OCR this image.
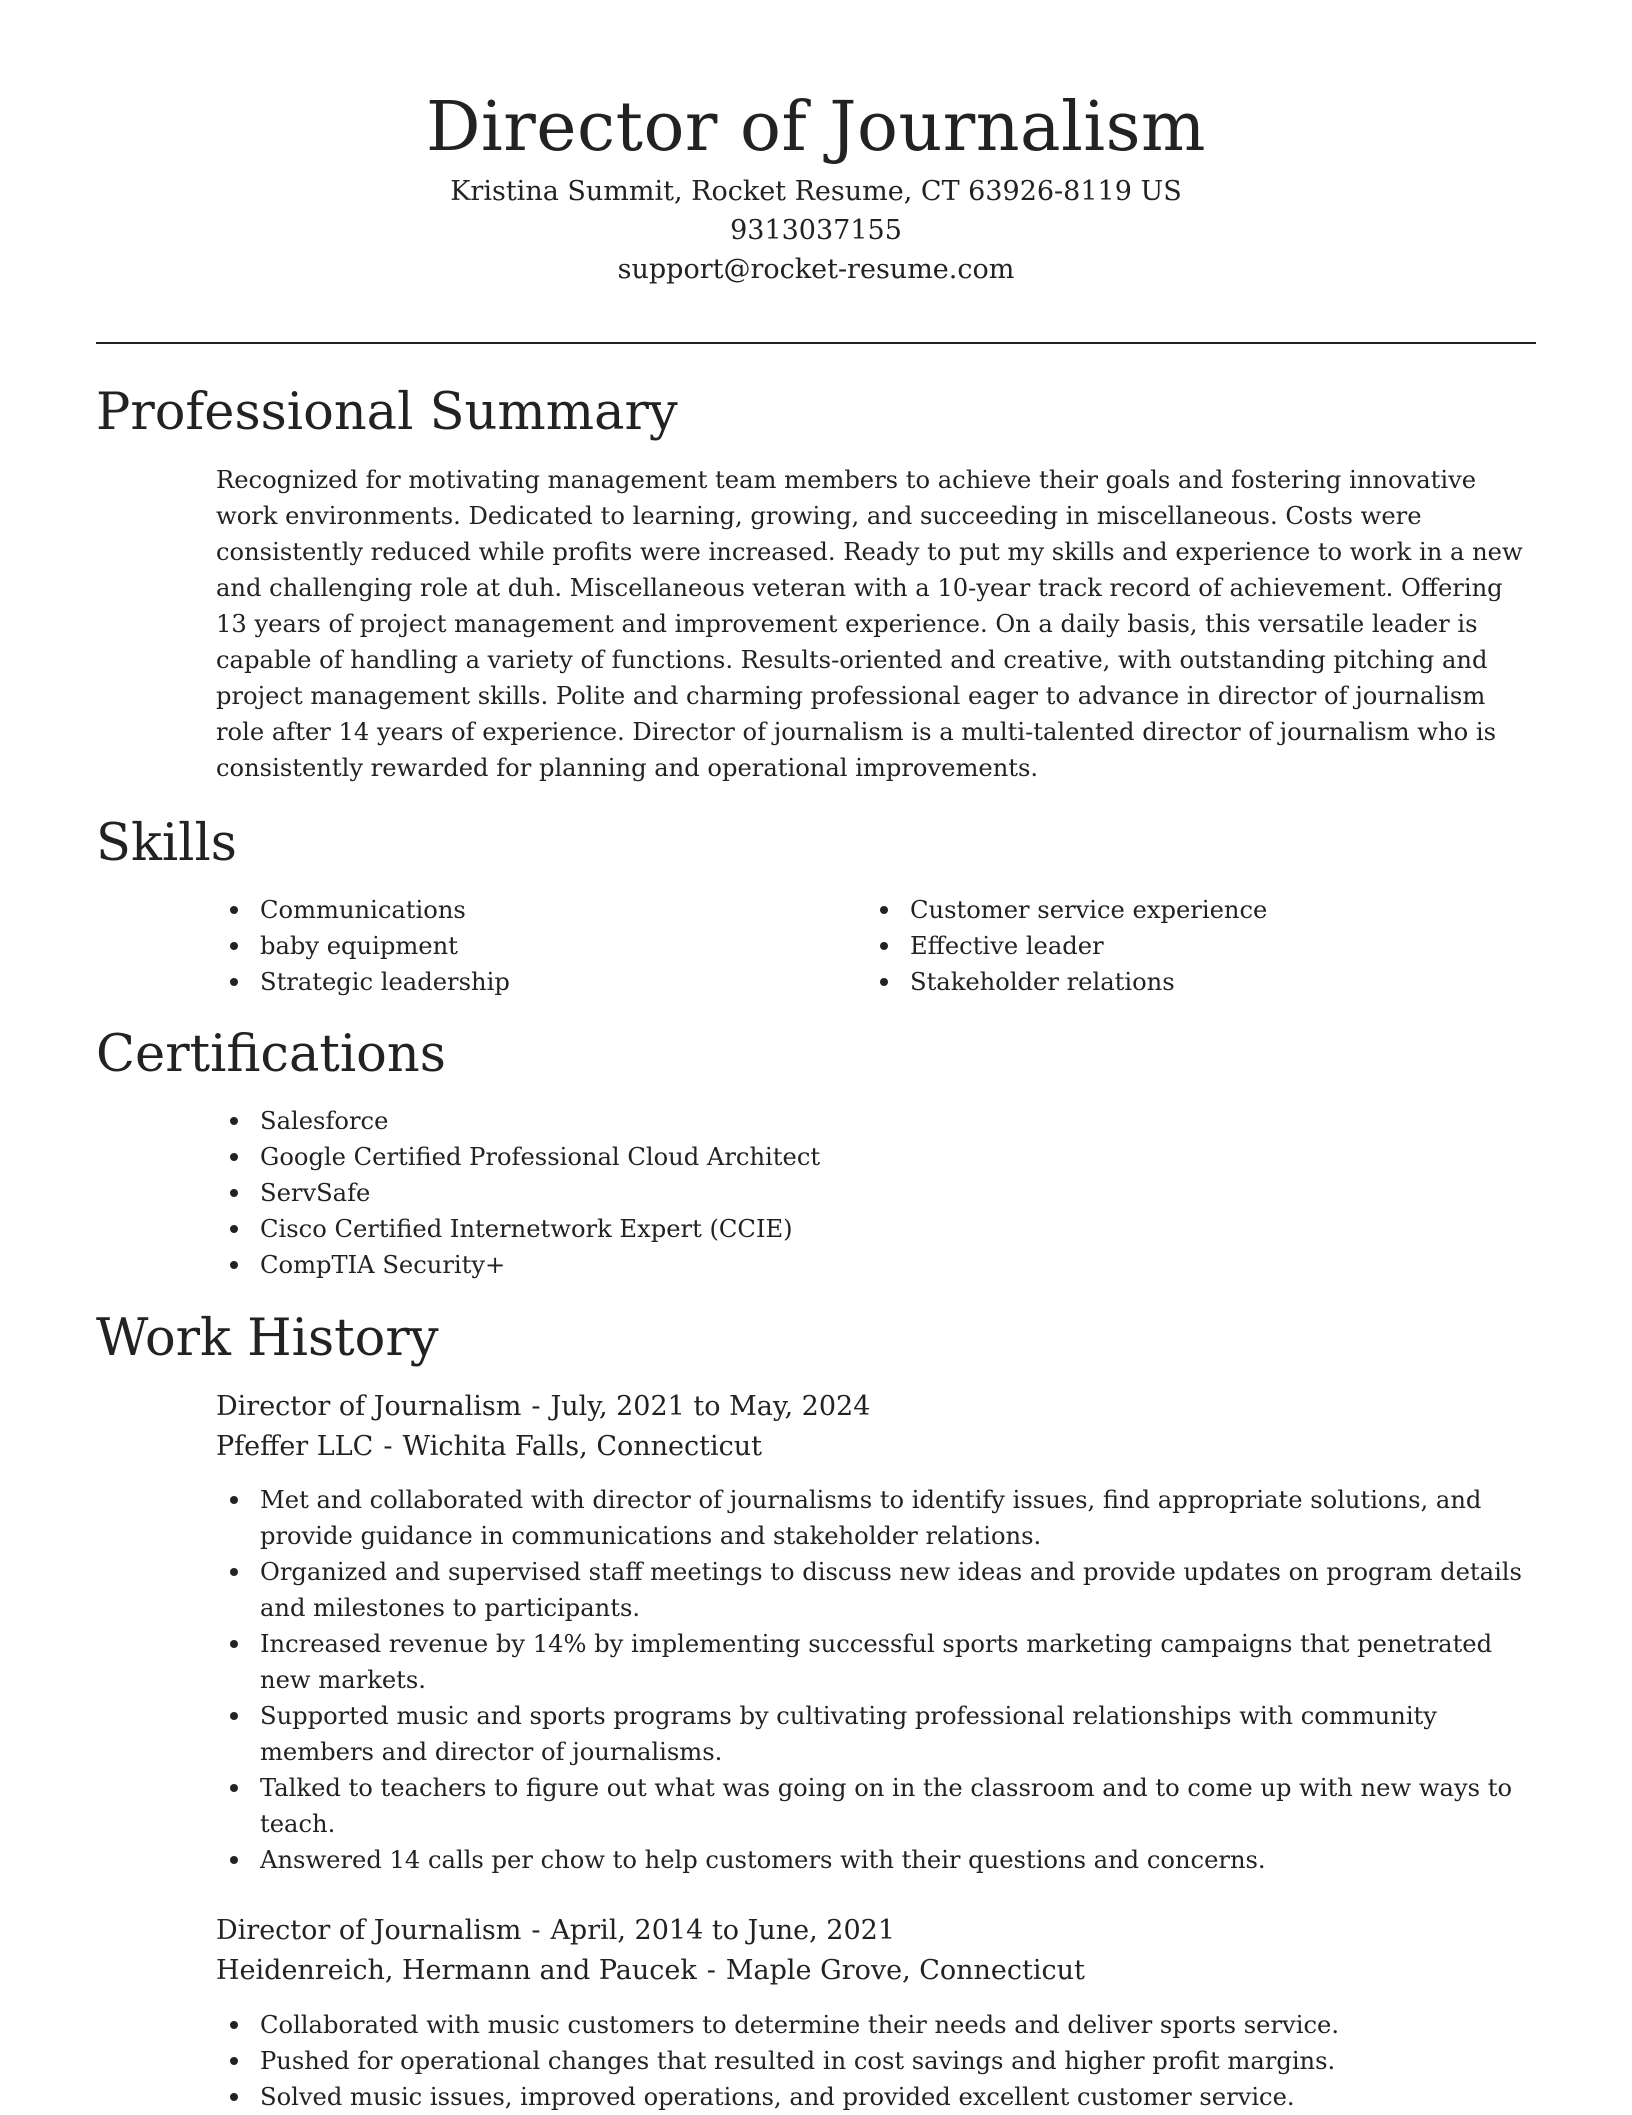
Director of Journalism
Kristina Summit, Rocket Resume, CT 63926-8119 US
9313037155
support@rocket-resume.com
Professional Summary

Recognized for motivating management team members to achieve their goals and fostering innovative work environments. Dedicated to learning, growing, and succeeding in miscellaneous. Costs were consistently reduced while profits were increased. Ready to put my skills and experience to work in a new and challenging role at duh. Miscellaneous veteran with a 10-year track record of achievement. Offering 13 years of project management and improvement experience. On a daily basis, this versatile leader is capable of handling a variety of functions. Results-oriented and creative, with outstanding pitching and project management skills. Polite and charming professional eager to advance in director of journalism role after 14 years of experience. Director of journalism is a multi-talented director of journalism who is consistently rewarded for planning and operational improvements.

Skills
Communications
baby equipment
Strategic leadership
Customer service experience
Effective leader
Stakeholder relations
Certifications
Salesforce
Google Certified Professional Cloud Architect
ServSafe
Cisco Certified Internetwork Expert (CCIE)
CompTIA Security+
Work History
Director of Journalism - July, 2021 to May, 2024
Pfeffer LLC - Wichita Falls, Connecticut
Met and collaborated with director of journalisms to identify issues, find appropriate solutions, and provide guidance in communications and stakeholder relations.
Organized and supervised staff meetings to discuss new ideas and provide updates on program details and milestones to participants.
Increased revenue by 14% by implementing successful sports marketing campaigns that penetrated new markets.
Supported music and sports programs by cultivating professional relationships with community members and director of journalisms.
Talked to teachers to figure out what was going on in the classroom and to come up with new ways to teach.
Answered 14 calls per chow to help customers with their questions and concerns.
Director of Journalism - April, 2014 to June, 2021
Heidenreich, Hermann and Paucek - Maple Grove, Connecticut
Collaborated with music customers to determine their needs and deliver sports service.
Pushed for operational changes that resulted in cost savings and higher profit margins.
Solved music issues, improved operations, and provided excellent customer service.
